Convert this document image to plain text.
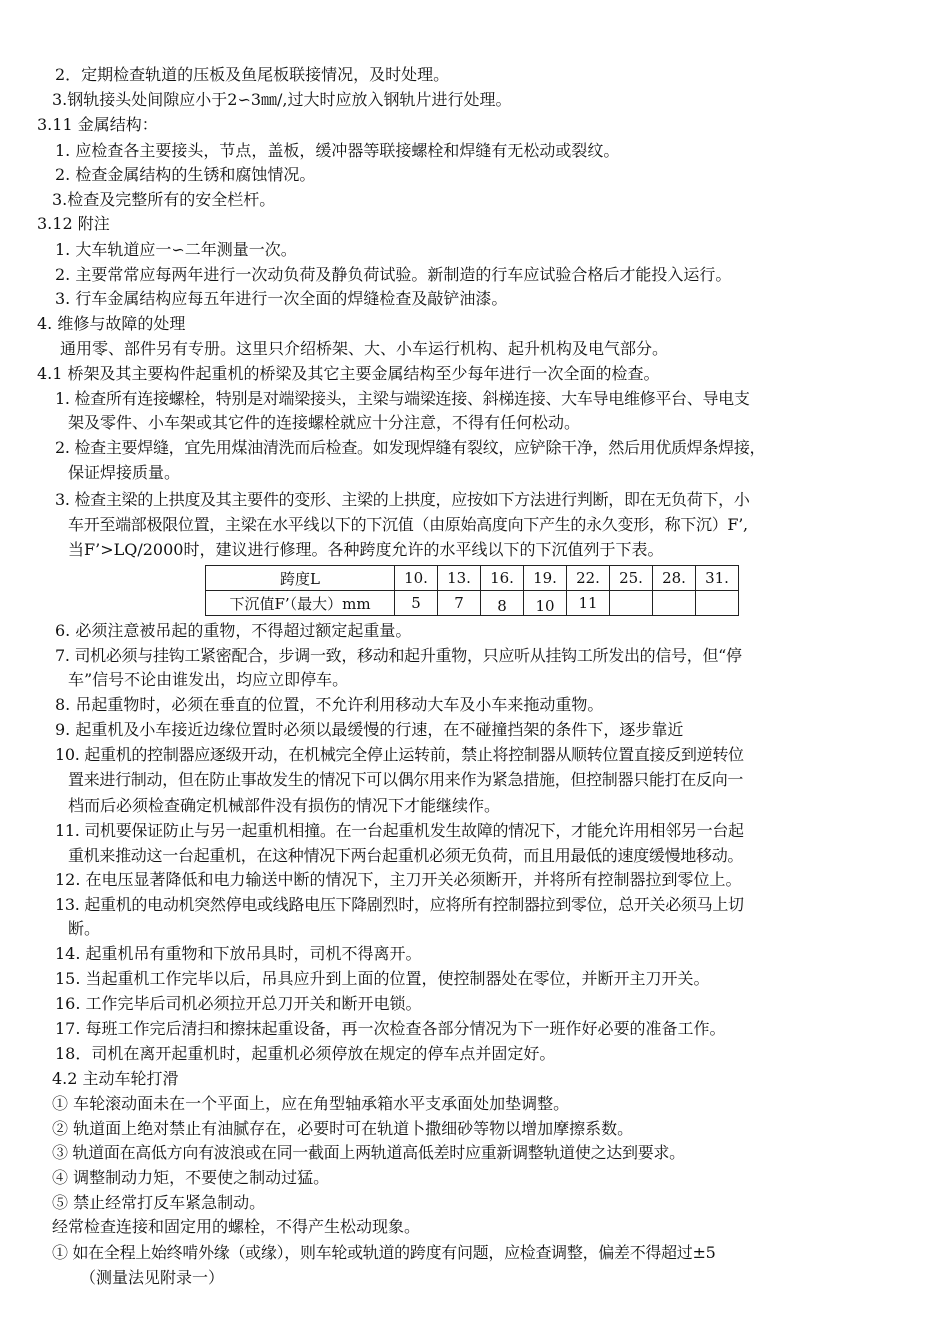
2．定期检查轨道的压板及鱼尾板联接情况，及时处理。
3.钢轨接头处间隙应小于2∽3㎜/,过大时应放入钢轨片进行处理。
3.11 金属结构：
1. 应检查各主要接头，节点，盖板，缓冲器等联接螺栓和焊缝有无松动或裂纹。
2. 检查金属结构的生锈和腐蚀情况。
3.检查及完整所有的安全栏杆。
3.12 附注
1. 大车轨道应一∽二年测量一次。
2. 主要常常应每两年进行一次动负荷及静负荷试验。新制造的行车应试验合格后才能投入运行。
3. 行车金属结构应每五年进行一次全面的焊缝检查及敲铲油漆。
4. 维修与故障的处理
通用零、部件另有专册。这里只介绍桥架、大、小车运行机构、起升机构及电气部分。
4.1 桥架及其主要构件起重机的桥梁及其它主要金属结构至少每年进行一次全面的检查。
1. 检查所有连接螺栓，特别是对端梁接头，主梁与端梁连接、斜梯连接、大车导电维修平台、导电支
架及零件、小车架或其它件的连接螺栓就应十分注意，不得有任何松动。
2. 检查主要焊缝，宜先用煤油清洗而后检查。如发现焊缝有裂纹，应铲除干净，然后用优质焊条焊接，
保证焊接质量。
3. 检查主梁的上拱度及其主要件的变形、主梁的上拱度，应按如下方法进行判断，即在无负荷下，小
车开至端部极限位置，主梁在水平线以下的下沉值（由原始高度向下产生的永久变形，称下沉）F’,
当F’>LQ/2000时，建议进行修理。各种跨度允许的水平线以下的下沉值列于下表。
跨度L	10.	13.	16.	19.	22.	25.	28.	31.
下沉值F’（最大）mm	5	7	8	10	11			
6. 必须注意被吊起的重物，不得超过额定起重量。
7. 司机必须与挂钩工紧密配合，步调一致，移动和起升重物，只应听从挂钩工所发出的信号，但“停
车”信号不论由谁发出，均应立即停车。
8. 吊起重物时，必须在垂直的位置，不允许利用移动大车及小车来拖动重物。
9. 起重机及小车接近边缘位置时必须以最缓慢的行速，在不碰撞挡架的条件下，逐步靠近
10. 起重机的控制器应逐级开动，在机械完全停止运转前，禁止将控制器从顺转位置直接反到逆转位
置来进行制动，但在防止事故发生的情况下可以偶尔用来作为紧急措施，但控制器只能打在反向一
档而后必须检查确定机械部件没有损伤的情况下才能继续作。
11. 司机要保证防止与另一起重机相撞。在一台起重机发生故障的情况下，才能允许用相邻另一台起
重机来推动这一台起重机，在这种情况下两台起重机必须无负荷，而且用最低的速度缓慢地移动。
12. 在电压显著降低和电力输送中断的情况下，主刀开关必须断开，并将所有控制器拉到零位上。
13. 起重机的电动机突然停电或线路电压下降剧烈时，应将所有控制器拉到零位，总开关必须马上切
断。
14. 起重机吊有重物和下放吊具时，司机不得离开。
15. 当起重机工作完毕以后，吊具应升到上面的位置，使控制器处在零位，并断开主刀开关。
16. 工作完毕后司机必须拉开总刀开关和断开电锁。
17. 每班工作完后清扫和擦抹起重设备，再一次检查各部分情况为下一班作好必要的准备工作。
18．司机在离开起重机时，起重机必须停放在规定的停车点并固定好。
4.2 主动车轮打滑
① 车轮滚动面未在一个平面上，应在角型轴承箱水平支承面处加垫调整。
② 轨道面上绝对禁止有油腻存在，必要时可在轨道卜撒细砂等物以增加摩擦系数。
③ 轨道面在高低方向有波浪或在同一截面上两轨道高低差时应重新调整轨道使之达到要求。
④ 调整制动力矩，不要使之制动过猛。
⑤ 禁止经常打反车紧急制动。
经常检查连接和固定用的螺栓，不得产生松动现象。
① 如在全程上始终啃外缘（或缘），则车轮或轨道的跨度有问题，应检查调整，偏差不得超过±5
（测量法见附录一）
